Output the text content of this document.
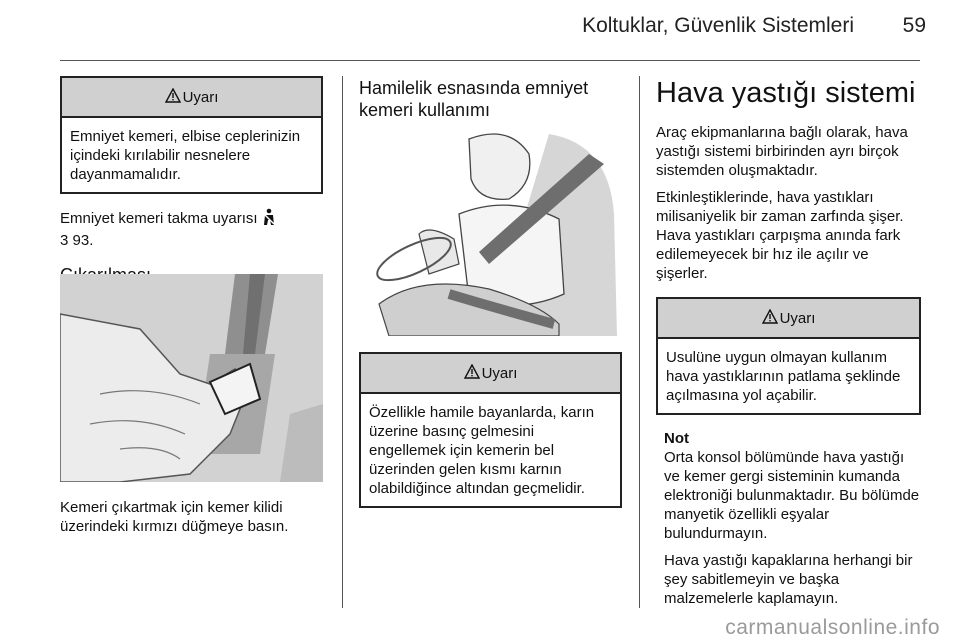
Koltuklar, Güvenlik Sistemleri	59
Uyarı
Emniyet kemeri, elbise ceplerinizin içindeki kırılabilir nesnelere dayanmamalıdır.

Emniyet kemeri takma uyarısı
3 93.

Kemeri çıkartmak için kemer kilidi üzerindeki kırmızı düğmeye basın.

Hamilelik esnasında emniyet kemeri kullanımı
Uyarı
Özellikle hamile bayanlarda, karın üzerine basınç gelmesini engellemek için kemerin bel üzerinden gelen kısmı karnın olabildiğince altından geçmelidir.
Hava yastığı sistemi

Araç ekipmanlarına bağlı olarak, hava yastığı sistemi birbirinden ayrı birçok sistemden oluşmaktadır.

Etkinleştiklerinde, hava yastıkları milisaniyelik bir zaman zarfında şişer. Hava yastıkları çarpışma anında fark edilemeyecek bir hız ile açılır ve şişerler.

Uyarı
Usulüne uygun olmayan kullanım hava yastıklarının patlama şeklinde açılmasına yol açabilir.
Not

Orta konsol bölümünde hava yastığı ve kemer gergi sisteminin kumanda elektroniği bulunmaktadır. Bu bölümde manyetik özellikli eşyalar bulundurmayın.

Hava yastığı kapaklarına herhangi bir şey sabitlemeyin ve başka malzemelerle kaplamayın.

carmanualsonline.info
